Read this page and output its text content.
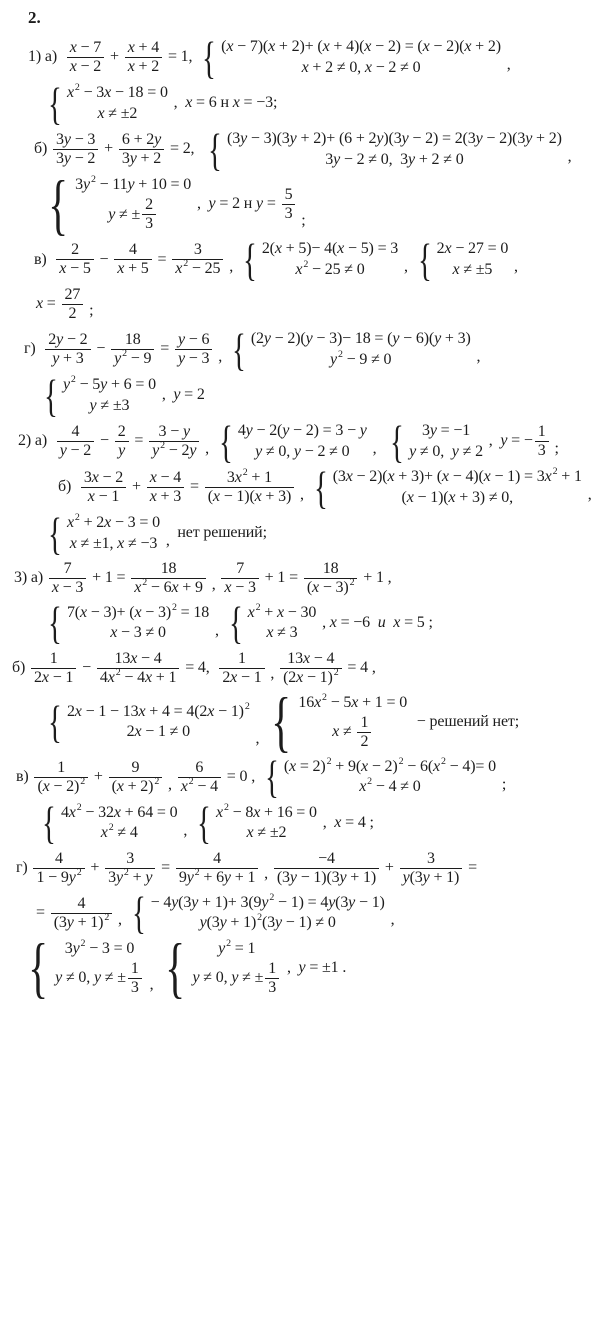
2.
1) $а) \frac{x - 7}{x - 2} + \frac{x + 4}{x + 2} = 1$, { (x − 7)(x + 2)+ (x + 4)(x − 2) = (x − 2)(x + 2)
x + 2 ≠ 0, x − 2 ≠ 0	,
{ x 2 − 3x − 18 = 0
x ≠ ±2
,  x = 6 н x = −3;
$б) \frac{3y - 3}{3y - 2} + \frac{6 + 2y}{3y + 2} = 2$, { (3y − 3)(3y + 2)+ (6 + 2y)(3y − 2) = 2(3y − 2)(3y + 2)
3y − 2 ≠ 0,  3y + 2 ≠ 0	,
{ 3y 2 − 11y + 10 = 0
y ≠ ± $\frac{2}{3}$ ,  y = 2 н $y = \frac{5}{3}$ ;
$в) \frac{2}{x - 5} - \frac{4}{x + 5} = \frac{3}{x 2 - 25}$ , { 2(x + 5)− 4(x − 5) = 3
x 2 − 25 ≠ 0 , { 2x − 27 = 0
x ≠ ±5 ,
$x = \frac{27}{2}$ ;
$г) \frac{2y - 2}{y + 3} - \frac{18}{y 2 - 9} = \frac{y - 6}{y - 3}$ , { (2y − 2)(y − 3)− 18 = (y − 6)(y + 3)
y 2 − 9 ≠ 0	,
{ y 2 − 5y + 6 = 0
y ≠ ±3
,  y = 2
2) $а) \frac{4}{y - 2} - \frac{2}{y} = \frac{3 - y}{y 2 - 2y}$ , { 4y − 2(y − 2) = 3 − y
y ≠ 0, y − 2 ≠ 0 , { 3y = −1
y ≠ 0,  y ≠ 2
,  y = − $\frac{1}{3}$ ;
$б) \frac{3x - 2}{x - 1} + \frac{x - 4}{x + 3} = \frac{3x 2 + 1}{(x - 1)(x + 3)}$ , { (3x − 2)(x + 3)+ (x − 4)(x − 1) = 3x 2 + 1
(x − 1)(x + 3) ≠ 0,	,
{ x 2 + 2x − 3 = 0
x ≠ ±1, x ≠ −3 , нет решений;
3) $а) \frac{7}{x - 3} + 1 = \frac{18}{x 2 - 6x + 9}$ , $\frac{7}{x - 3} + 1 = \frac{18}{(x - 3) 2} + 1$ ,
{ 7(x − 3)+ (x − 3) 2 = 18
x − 3 ≠ 0	, { x 2 + x − 30
x ≠ 3
, x = −6 и x = 5 ;
$б) \frac{1}{2x - 1} - \frac{13x - 4}{4x 2 - 4x + 1} = 4$, $\frac{1}{2x - 1}$ , $\frac{13x - 4}{(2x - 1) 2} = 4$ ,
{ 2x − 1 − 13x + 4 = 4(2x − 1) 2
2x − 1 ≠ 0	, { 16x 2 − 5x + 1 = 0
$x \ne \frac{1}{2}$
	− решений нет;
$в) \frac{1}{(x - 2) 2} + \frac{9}{(x + 2) 2}$ , $\frac{6}{x 2 - 4} = 0$ , { (x = 2) 2 + 9(x − 2) 2 − 6(x 2 − 4)= 0
x 2 − 4 ≠ 0	;
{ 4x 2 − 32x + 64 = 0
x 2 ≠ 4	, { x 2 − 8x + 16 = 0
x ≠ ±2
,  x = 4 ;
$г) \frac{4}{1 - 9y 2} + \frac{3}{3y 2 + y} = \frac{4}{9y 2 + 6y + 1}$ , $\frac{-4}{(3y - 1)(3y + 1)} + \frac{3}{y(3y + 1)}$ =
= $\frac{4}{(3y + 1) 2}$ , { − 4y(3y + 1)+ 3(9y 2 − 1) = 4y(3y − 1)
y(3y + 1) 2 (3y − 1) ≠ 0	,
{ 3y 2 − 3 = 0
y ≠ 0, y ≠ ± $\frac{1}{3}$ , { y 2 = 1
y ≠ 0, y ≠ ± $\frac{1}{3}$ ,  y = ±1 .
